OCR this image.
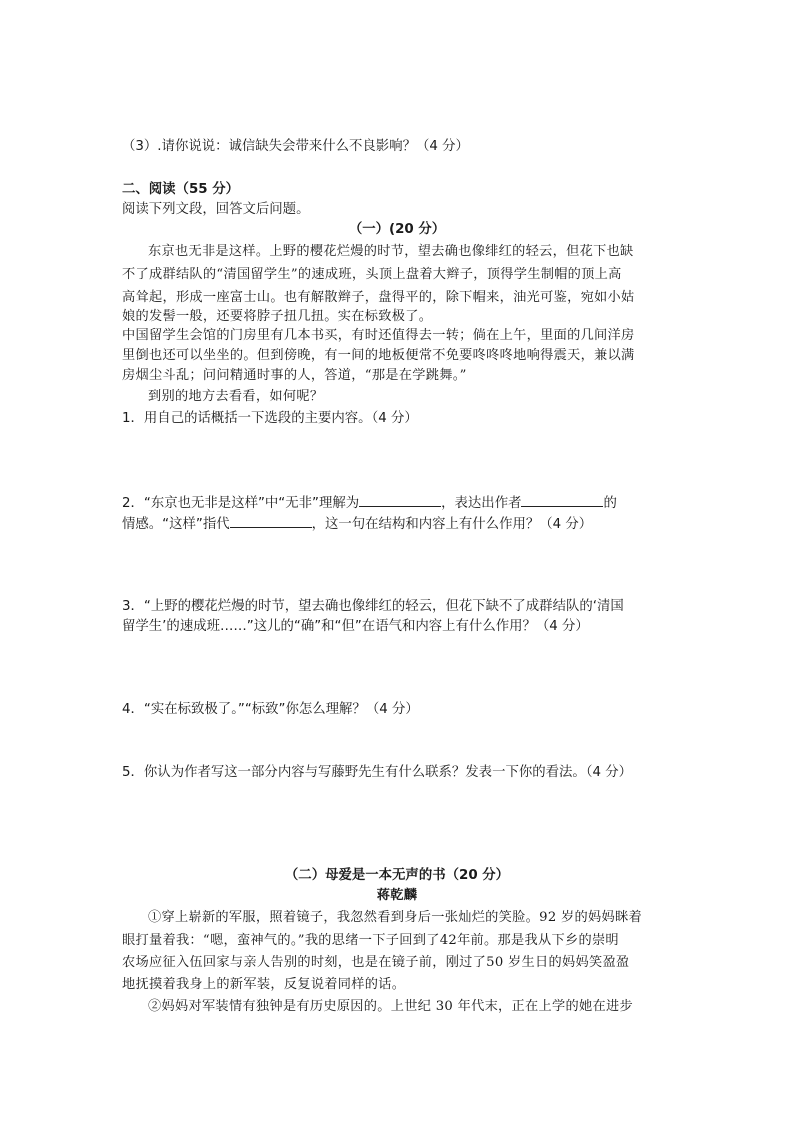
（3）.请你说说：诚信缺失会带来什么不良影响？（4 分）
二、阅读（55 分）
阅读下列文段，回答文后问题。
（一）(20 分）
东京也无非是这样。上野的樱花烂熳的时节，望去确也像绯红的轻云，但花下也缺
不了成群结队的“清国留学生”的速成班，头顶上盘着大辫子，顶得学生制帽的顶上高
高耸起，形成一座富士山。也有解散辫子，盘得平的，除下帽来，油光可鉴，宛如小姑
娘的发髻一般，还要将脖子扭几扭。实在标致极了。
中国留学生会馆的门房里有几本书买，有时还值得去一转；倘在上午，里面的几间洋房
里倒也还可以坐坐的。但到傍晚，有一间的地板便常不免要咚咚咚地响得震天，兼以满
房烟尘斗乱；问问精通时事的人，答道，“那是在学跳舞。”
到别的地方去看看，如何呢？
1．用自己的话概括一下选段的主要内容。（4 分）
2．“东京也无非是这样”中“无非”理解为	，表达出作者	的
情感。“这样”指代	，这一句在结构和内容上有什么作用？（4 分）
3．“上野的樱花烂熳的时节，望去确也像绯红的轻云，但花下缺不了成群结队的‘清国
留学生’的速成班……”这儿的“确”和“但”在语气和内容上有什么作用？（4 分）
4．“实在标致极了。”“标致”你怎么理解？（4 分）
5．你认为作者写这一部分内容与写藤野先生有什么联系？发表一下你的看法。（4 分）
（二）母爱是一本无声的书（20 分）
蒋乾麟
①穿上崭新的军服，照着镜子，我忽然看到身后一张灿烂的笑脸。92 岁的妈妈眯着
眼打量着我：“嗯，蛮神气的。”我的思绪一下子回到了42年前。那是我从下乡的崇明
农场应征入伍回家与亲人告别的时刻，也是在镜子前，刚过了50 岁生日的妈妈笑盈盈
地抚摸着我身上的新军装，反复说着同样的话。
②妈妈对军装情有独钟是有历史原因的。上世纪 30 年代末，正在上学的她在进步
